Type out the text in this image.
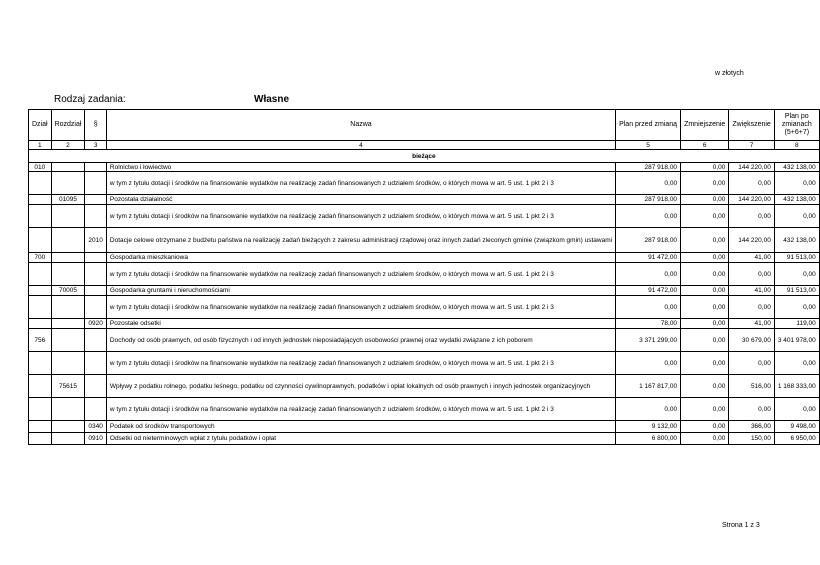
w złotych
Rodzaj zadania:	Własne
Dział	Rozdział	§	Nazwa	Plan przed zmianą	Zmniejszenie	Zwiększenie	Plan po zmianach
(5+6+7)
1	2	3	4	5	6	7	8
bieżące							
010			Rolnictwo i łowiectwo	287 918,00	0,00	144 220,00	432 138,00
			w tym z tytułu dotacji i środków na finansowanie wydatków na realizację zadań finansowanych z udziałem środków, o których mowa w art. 5 ust. 1 pkt 2 i 3	0,00	0,00	0,00	0,00
	01095		Pozostała działalność	287 918,00	0,00	144 220,00	432 138,00
			w tym z tytułu dotacji i środków na finansowanie wydatków na realizację zadań finansowanych z udziałem środków, o których mowa w art. 5 ust. 1 pkt 2 i 3	0,00	0,00	0,00	0,00
		2010	Dotacje celowe otrzymane z budżetu państwa na realizację zadań bieżących z zakresu administracji rządowej oraz innych zadań zleconych gminie (związkom gmin) ustawami	287 918,00	0,00	144 220,00	432 138,00
700			Gospodarka mieszkaniowa	91 472,00	0,00	41,00	91 513,00
			w tym z tytułu dotacji i środków na finansowanie wydatków na realizację zadań finansowanych z udziałem środków, o których mowa w art. 5 ust. 1 pkt 2 i 3	0,00	0,00	0,00	0,00
	70005		Gospodarka gruntami i nieruchomościami	91 472,00	0,00	41,00	91 513,00
			w tym z tytułu dotacji i środków na finansowanie wydatków na realizację zadań finansowanych z udziałem środków, o których mowa w art. 5 ust. 1 pkt 2 i 3	0,00	0,00	0,00	0,00
		0920	Pozostałe odsetki	78,00	0,00	41,00	119,00
756			Dochody od osób prawnych, od osób fizycznych i od innych jednostek nieposiadających osobowości prawnej oraz wydatki związane z ich poborem	3 371 299,00	0,00	30 679,00	3 401 978,00
			w tym z tytułu dotacji i środków na finansowanie wydatków na realizację zadań finansowanych z udziałem środków, o których mowa w art. 5 ust. 1 pkt 2 i 3	0,00	0,00	0,00	0,00
	75615		Wpływy z podatku rolnego, podatku leśnego, podatku od czynności cywilnoprawnych, podatków i opłat lokalnych od osób prawnych i innych jednostek organizacyjnych	1 167 817,00	0,00	516,00	1 168 333,00
			w tym z tytułu dotacji i środków na finansowanie wydatków na realizację zadań finansowanych z udziałem środków, o których mowa w art. 5 ust. 1 pkt 2 i 3	0,00	0,00	0,00	0,00
		0340	Podatek od środków transportowych	9 132,00	0,00	366,00	9 498,00
		0910	Odsetki od nieterminowych wpłat z tytułu podatków i opłat	6 800,00	0,00	150,00	6 950,00
Strona 1 z 3
